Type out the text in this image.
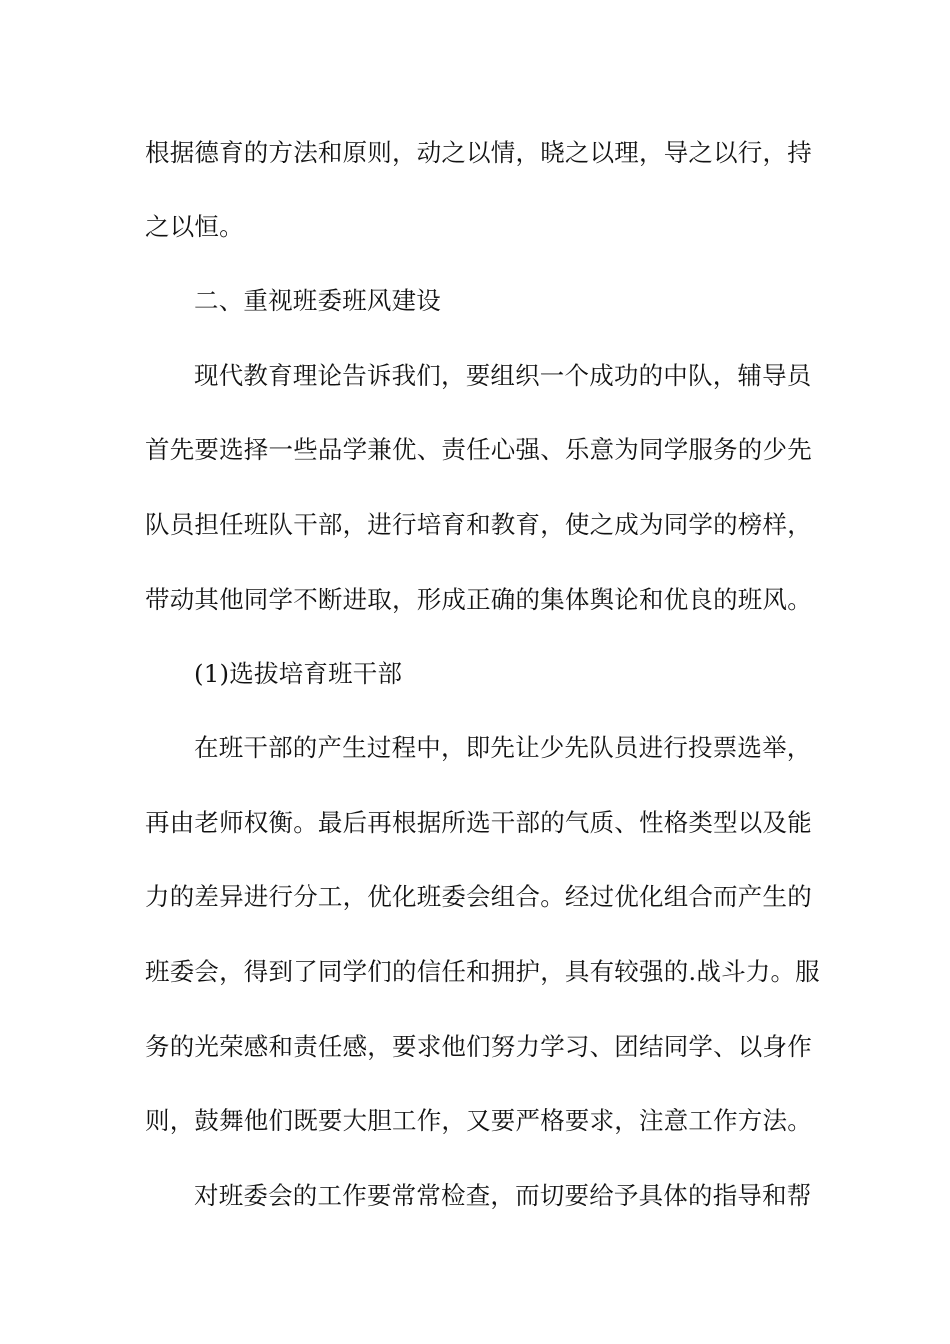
根据德育的方法和原则，动之以情，晓之以理，导之以行，持
之以恒。
二、重视班委班风建设
现代教育理论告诉我们，要组织一个成功的中队，辅导员
首先要选择一些品学兼优、责任心强、乐意为同学服务的少先
队员担任班队干部，进行培育和教育，使之成为同学的榜样，
带动其他同学不断进取，形成正确的集体舆论和优良的班风。
(1)选拔培育班干部
在班干部的产生过程中，即先让少先队员进行投票选举，
再由老师权衡。最后再根据所选干部的气质、性格类型以及能
力的差异进行分工，优化班委会组合。经过优化组合而产生的
班委会，得到了同学们的信任和拥护，具有较强的.战斗力。服
务的光荣感和责任感，要求他们努力学习、团结同学、以身作
则，鼓舞他们既要大胆工作，又要严格要求，注意工作方法。
对班委会的工作要常常检查，而切要给予具体的指导和帮
